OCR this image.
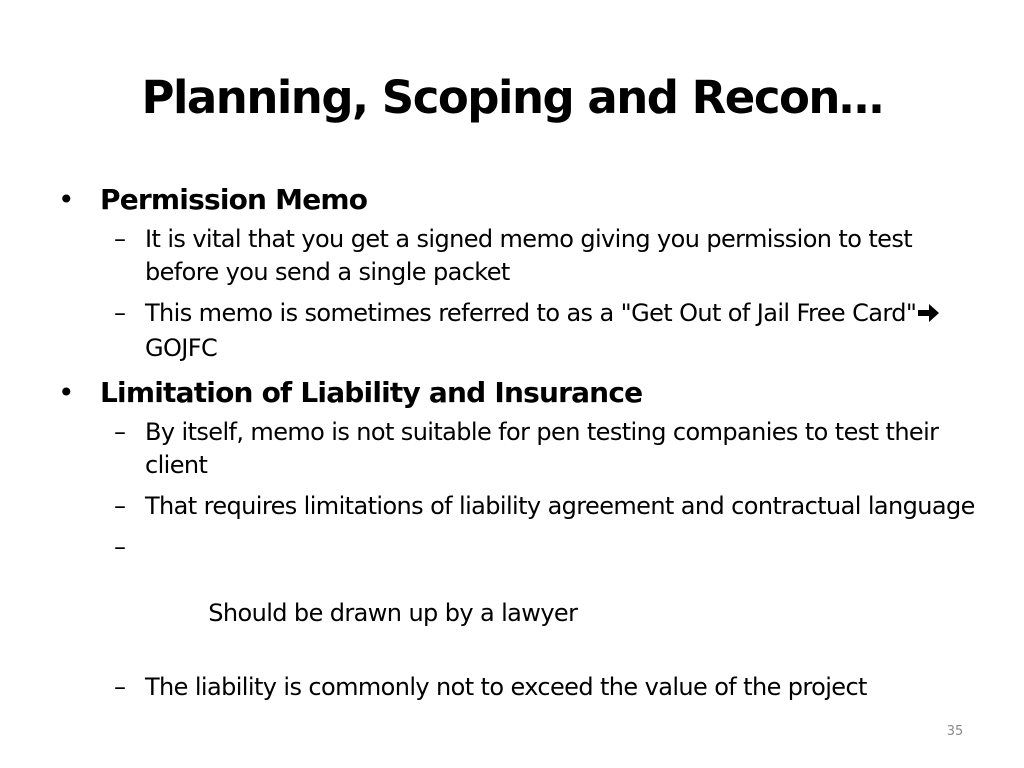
Planning, Scoping and Recon…
• Permission Memo
– It is vital that you get a signed memo giving you permission to test before you send a single packet
– This memo is sometimes referred to as a "Get Out of Jail Free Card"GOJFC
• Limitation of Liability and Insurance
– By itself, memo is not suitable for pen testing companies to test their client
– That requires limitations of liability agreement and contractual language

–

Should be drawn up by a lawyer

– The liability is commonly not to exceed the value of the project
35
